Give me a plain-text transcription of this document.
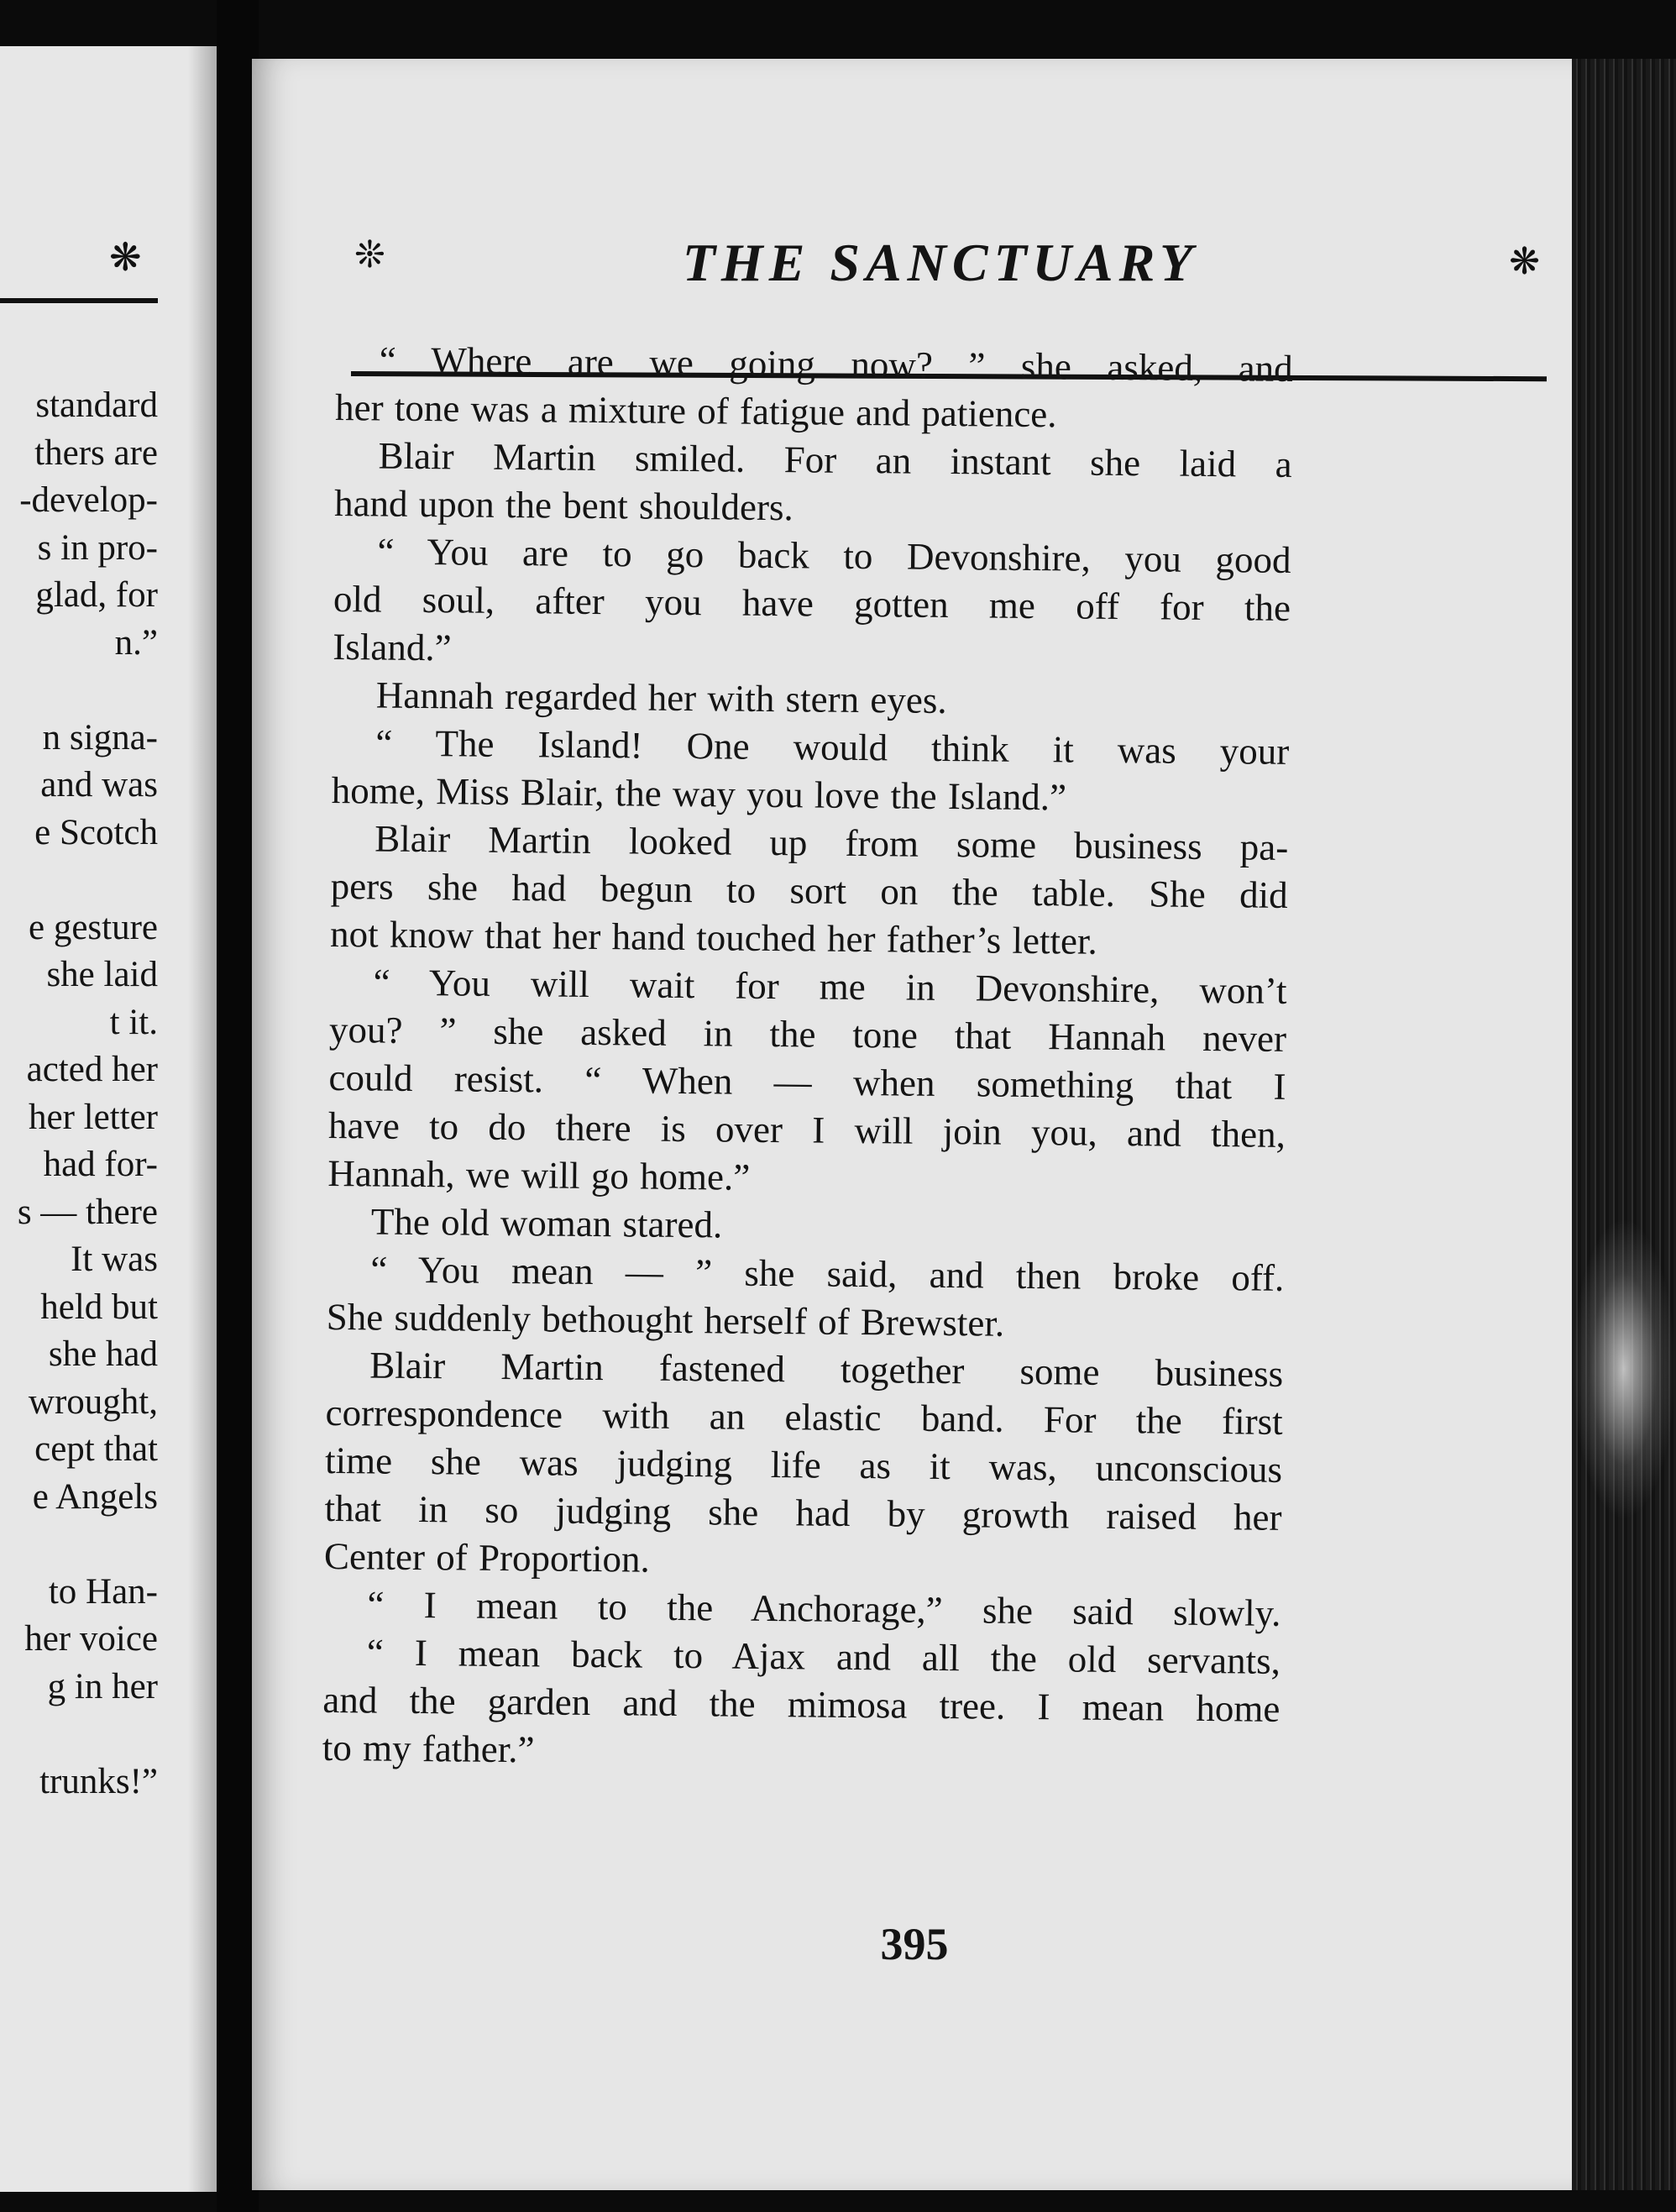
❋
standard
thers are
-develop-
s in pro-
glad, for
n.”
n signa-
and was
e Scotch
e gesture
she laid
t it.
acted her
her letter
had for-
s — there
It was
held but
she had
wrought,
cept that
e Angels
to Han-
her voice
g in her
trunks!”
❊	THE SANCTUARY	❋
395
“ Where are we going now? ” she asked, and
her tone was a mixture of fatigue and patience.
Blair Martin smiled. For an instant she laid a
hand upon the bent shoulders.
“ You are to go back to Devonshire, you good
old soul, after you have gotten me off for the
Island.”
Hannah regarded her with stern eyes.
“ The Island! One would think it was your
home, Miss Blair, the way you love the Island.”
Blair Martin looked up from some business pa-
pers she had begun to sort on the table. She did
not know that her hand touched her father’s letter.
“ You will wait for me in Devonshire, won’t
you? ” she asked in the tone that Hannah never
could resist. “ When — when something that I
have to do there is over I will join you, and then,
Hannah, we will go home.”
The old woman stared.
“ You mean — ” she said, and then broke off.
She suddenly bethought herself of Brewster.
Blair Martin fastened together some business
correspondence with an elastic band. For the first
time she was judging life as it was, unconscious
that in so judging she had by growth raised her
Center of Proportion.
“ I mean to the Anchorage,” she said slowly.
“ I mean back to Ajax and all the old servants,
and the garden and the mimosa tree. I mean home
to my father.”
